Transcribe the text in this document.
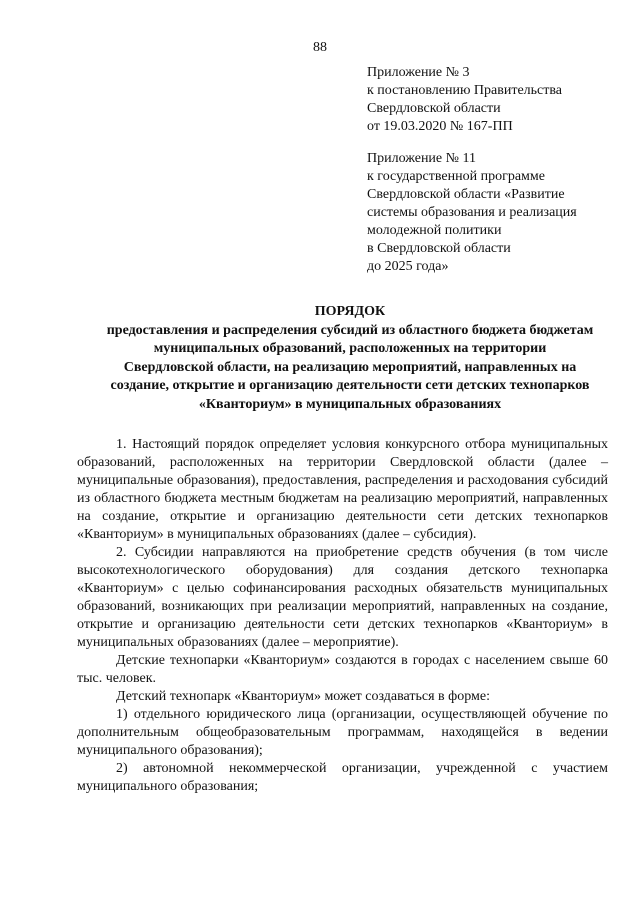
88
Приложение № 3
к постановлению Правительства
Свердловской области
от 19.03.2020 № 167-ПП
Приложение № 11
к государственной программе
Свердловской области «Развитие
системы образования и реализация
молодежной политики
в Свердловской области
до 2025 года»
ПОРЯДОК
предоставления и распределения субсидий из областного бюджета бюджетам
муниципальных образований, расположенных на территории
Свердловской области, на реализацию мероприятий, направленных на
создание, открытие и организацию деятельности сети детских технопарков
«Кванториум» в муниципальных образованиях

1. Настоящий порядок определяет условия конкурсного отбора муниципальных образований, расположенных на территории Свердловской области (далее – муниципальные образования), предоставления, распределения и расходования субсидий из областного бюджета местным бюджетам на реализацию мероприятий, направленных на создание, открытие и организацию деятельности сети детских технопарков «Кванториум» в муниципальных образованиях (далее – субсидия).

2. Субсидии направляются на приобретение средств обучения (в том числе высокотехнологического оборудования) для создания детского технопарка «Кванториум» с целью софинансирования расходных обязательств муниципальных образований, возникающих при реализации мероприятий, направленных на создание, открытие и организацию деятельности сети детских технопарков «Кванториум» в муниципальных образованиях (далее – мероприятие).

Детские технопарки «Кванториум» создаются в городах с населением свыше 60 тыс. человек.

Детский технопарк «Кванториум» может создаваться в форме:

1) отдельного юридического лица (организации, осуществляющей обучение по дополнительным общеобразовательным программам, находящейся в ведении муниципального образования);

2) автономной некоммерческой организации, учрежденной с участием муниципального образования;
